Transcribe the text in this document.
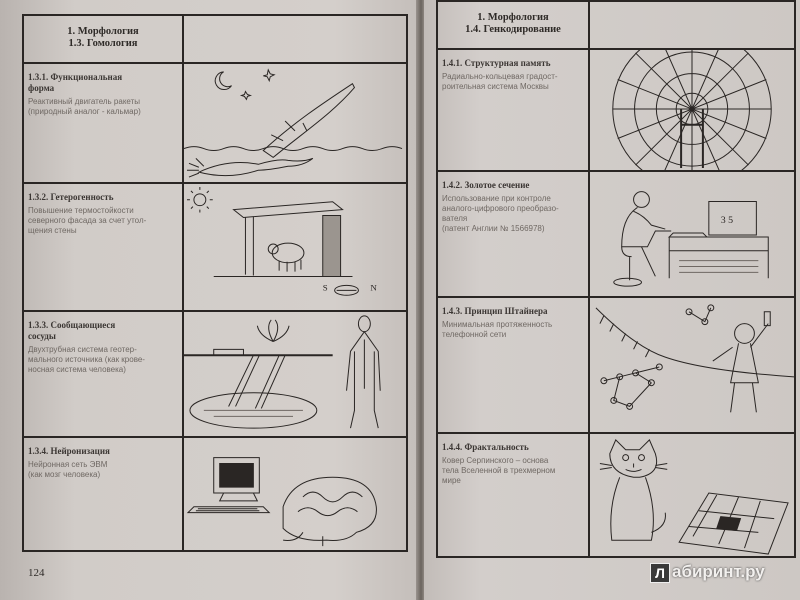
1. Морфология
1.3. Гомология	

1.3.1. Функциональная
форма
Реактивный двигатель ракеты
(природный аналог - кальмар)

1.3.2. Гетерогенность
Повышение термостойкости
северного фасада за счет утол-
щения стены	S N

1.3.3. Сообщающиеся
сосуды
Двухтрубная система геотер-
мального источника (как крове-
носная система человека)

1.3.4. Нейронизация
Нейронная сеть ЭВМ
(как мозг человека)

124
1. Морфология
1.4. Генкодирование	

1.4.1. Структурная память
Радиально-кольцевая градост-
роительная система Москвы

1.4.2. Золотое сечение
Использование при контроле
аналого-цифрового преобразо-
вателя
(патент Англии № 1566978)	3 5

1.4.3. Принцип Штайнера
Минимальная протяженность
телефонной сети

1.4.4. Фрактальность
Ковер Серпинского – основа
тела Вселенной в трехмерном
мире

Л абиринт.ру
